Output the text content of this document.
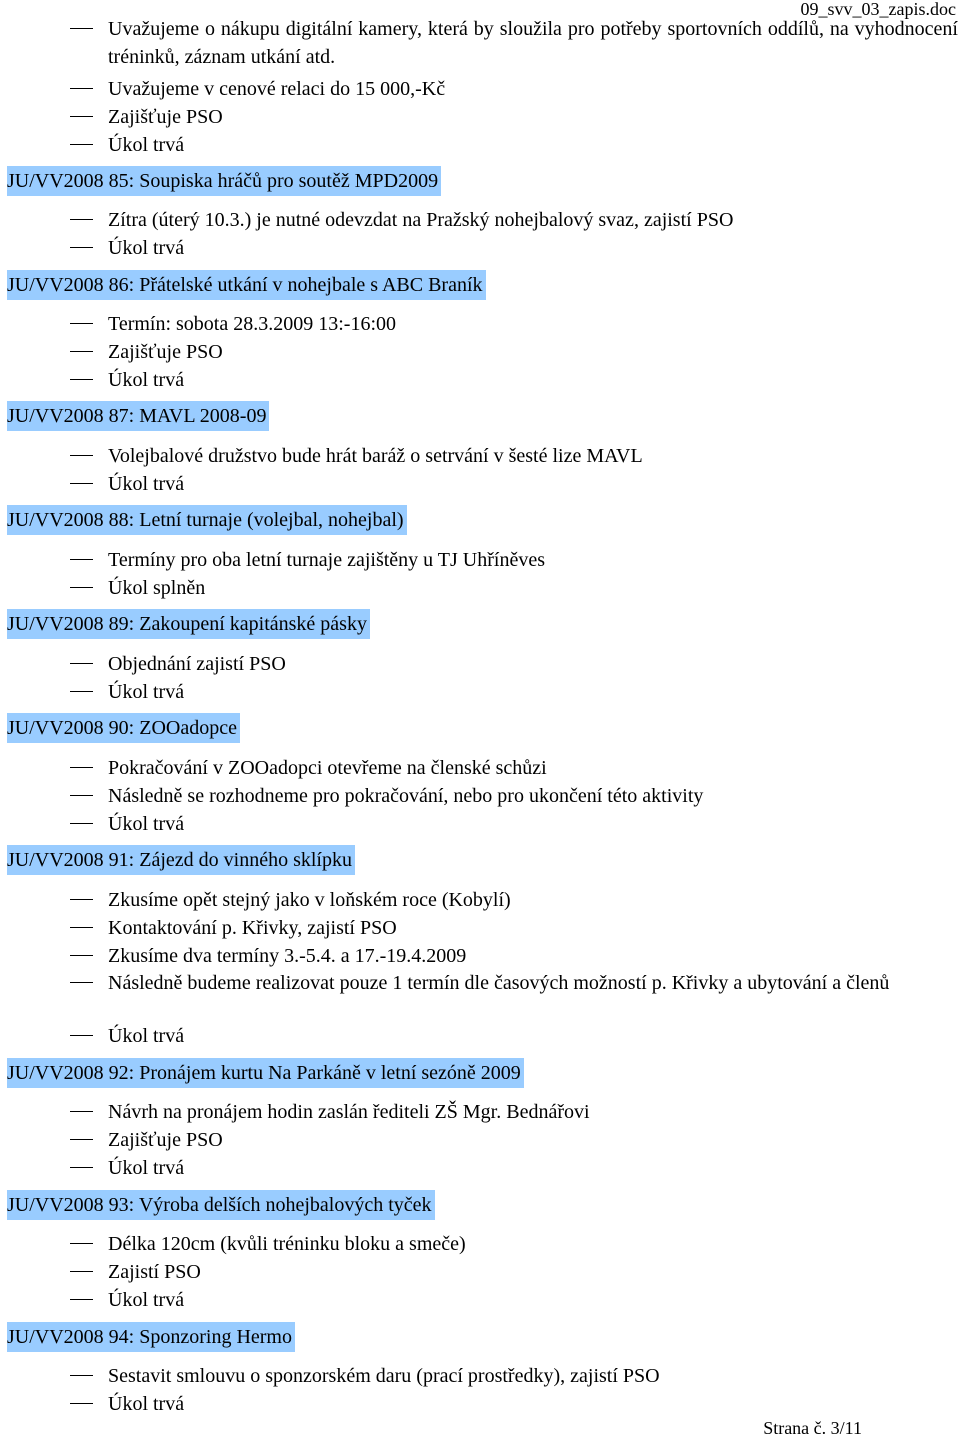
09_svv_03_zapis.doc
Uvažujeme o nákupu digitální kamery, která by sloužila pro potřeby sportovních oddílů, na vyhodnocení tréninků, záznam utkání atd.
Uvažujeme v cenové relaci do 15 000,-Kč
Zajišťuje PSO
Úkol trvá
JU/VV2008 85: Soupiska hráčů pro soutěž MPD2009
Zítra (úterý 10.3.) je nutné odevzdat na Pražský nohejbalový svaz, zajistí PSO
Úkol trvá
JU/VV2008 86: Přátelské utkání v nohejbale s ABC Braník
Termín: sobota 28.3.2009 13:-16:00
Zajišťuje PSO
Úkol trvá
JU/VV2008 87: MAVL 2008-09
Volejbalové družstvo bude hrát baráž o setrvání v šesté lize MAVL
Úkol trvá
JU/VV2008 88: Letní turnaje (volejbal, nohejbal)
Termíny pro oba letní turnaje zajištěny u TJ Uhříněves
Úkol splněn
JU/VV2008 89: Zakoupení kapitánské pásky
Objednání zajistí PSO
Úkol trvá
JU/VV2008 90: ZOOadopce
Pokračování v ZOOadopci otevřeme na členské schůzi
Následně se rozhodneme pro pokračování, nebo pro ukončení této aktivity
Úkol trvá
JU/VV2008 91: Zájezd do vinného sklípku
Zkusíme opět stejný jako v loňském roce (Kobylí)
Kontaktování p. Křivky, zajistí PSO
Zkusíme dva termíny 3.-5.4. a 17.-19.4.2009
Následně budeme realizovat pouze 1 termín dle časových možností p. Křivky a ubytování a členů
Úkol trvá
JU/VV2008 92: Pronájem kurtu Na Parkáně v letní sezóně 2009
Návrh na pronájem hodin zaslán řediteli ZŠ Mgr. Bednářovi
Zajišťuje PSO
Úkol trvá
JU/VV2008 93: Výroba delších nohejbalových tyček
Délka 120cm (kvůli tréninku bloku a smeče)
Zajistí PSO
Úkol trvá
JU/VV2008 94: Sponzoring Hermo
Sestavit smlouvu o sponzorském daru (prací prostředky), zajistí PSO
Úkol trvá
Strana č. 3/11
